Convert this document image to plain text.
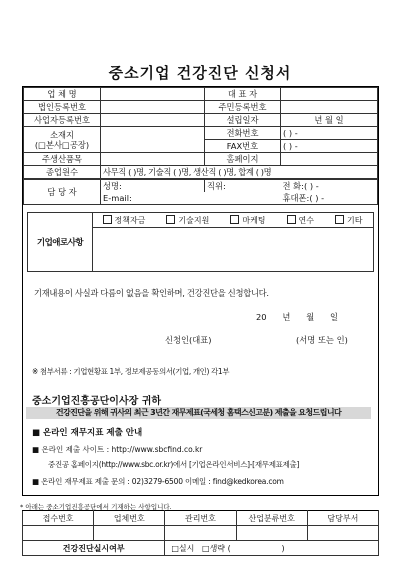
중소기업 건강진단 신청서
업 체 명		대 표 자	
법인등록번호		주민등록번호	
사업자등록번호		설립일자	년 월 일
소재지
(□본사□공장)		전화번호	( ) -
		FAX번호	( ) -
주생산품목		홈페이지	
종업원수	사무직 ( )명, 기술직 ( )명, 생산직 ( )명, 합계 ( )명		
담 당 자	성명:	직위:	전 화:( ) -
	E-mail:		휴대폰:( ) -
기업애로사항
정책자금	기술지원	마케팅	연수	기타
기재내용이 사실과 다름이 없음을 확인하며, 건강진단을 신청합니다.
20      년      월      일
신청인(대표)	(서명 또는 인)
※ 첨부서류 : 기업현황표 1부, 정보제공동의서(기업, 개인) 각1부
중소기업진흥공단이사장 귀하
건강진단을 위해 귀사의 최근 3년간 재무제표(국세청 홈택스신고분) 제출을 요청드립니다
■ 온라인 재무지표 제출 안내
■ 온라인 제출 사이트 : http://www.sbcfind.co.kr
중진공 홈페이지(http://www.sbc.or.kr)에서 [기업온라인서비스]-[재무제표제출]
■ 온라인 재무제표 제출 문의 : 02)3279-6500 이메일 : find@kedkorea.com
* 아래는 중소기업진흥공단에서 기재하는 사항입니다.
접수번호	업체번호	관리번호	산업분류번호	담당부서

건강진단실시여부		□실시   □생략 (                    )		
